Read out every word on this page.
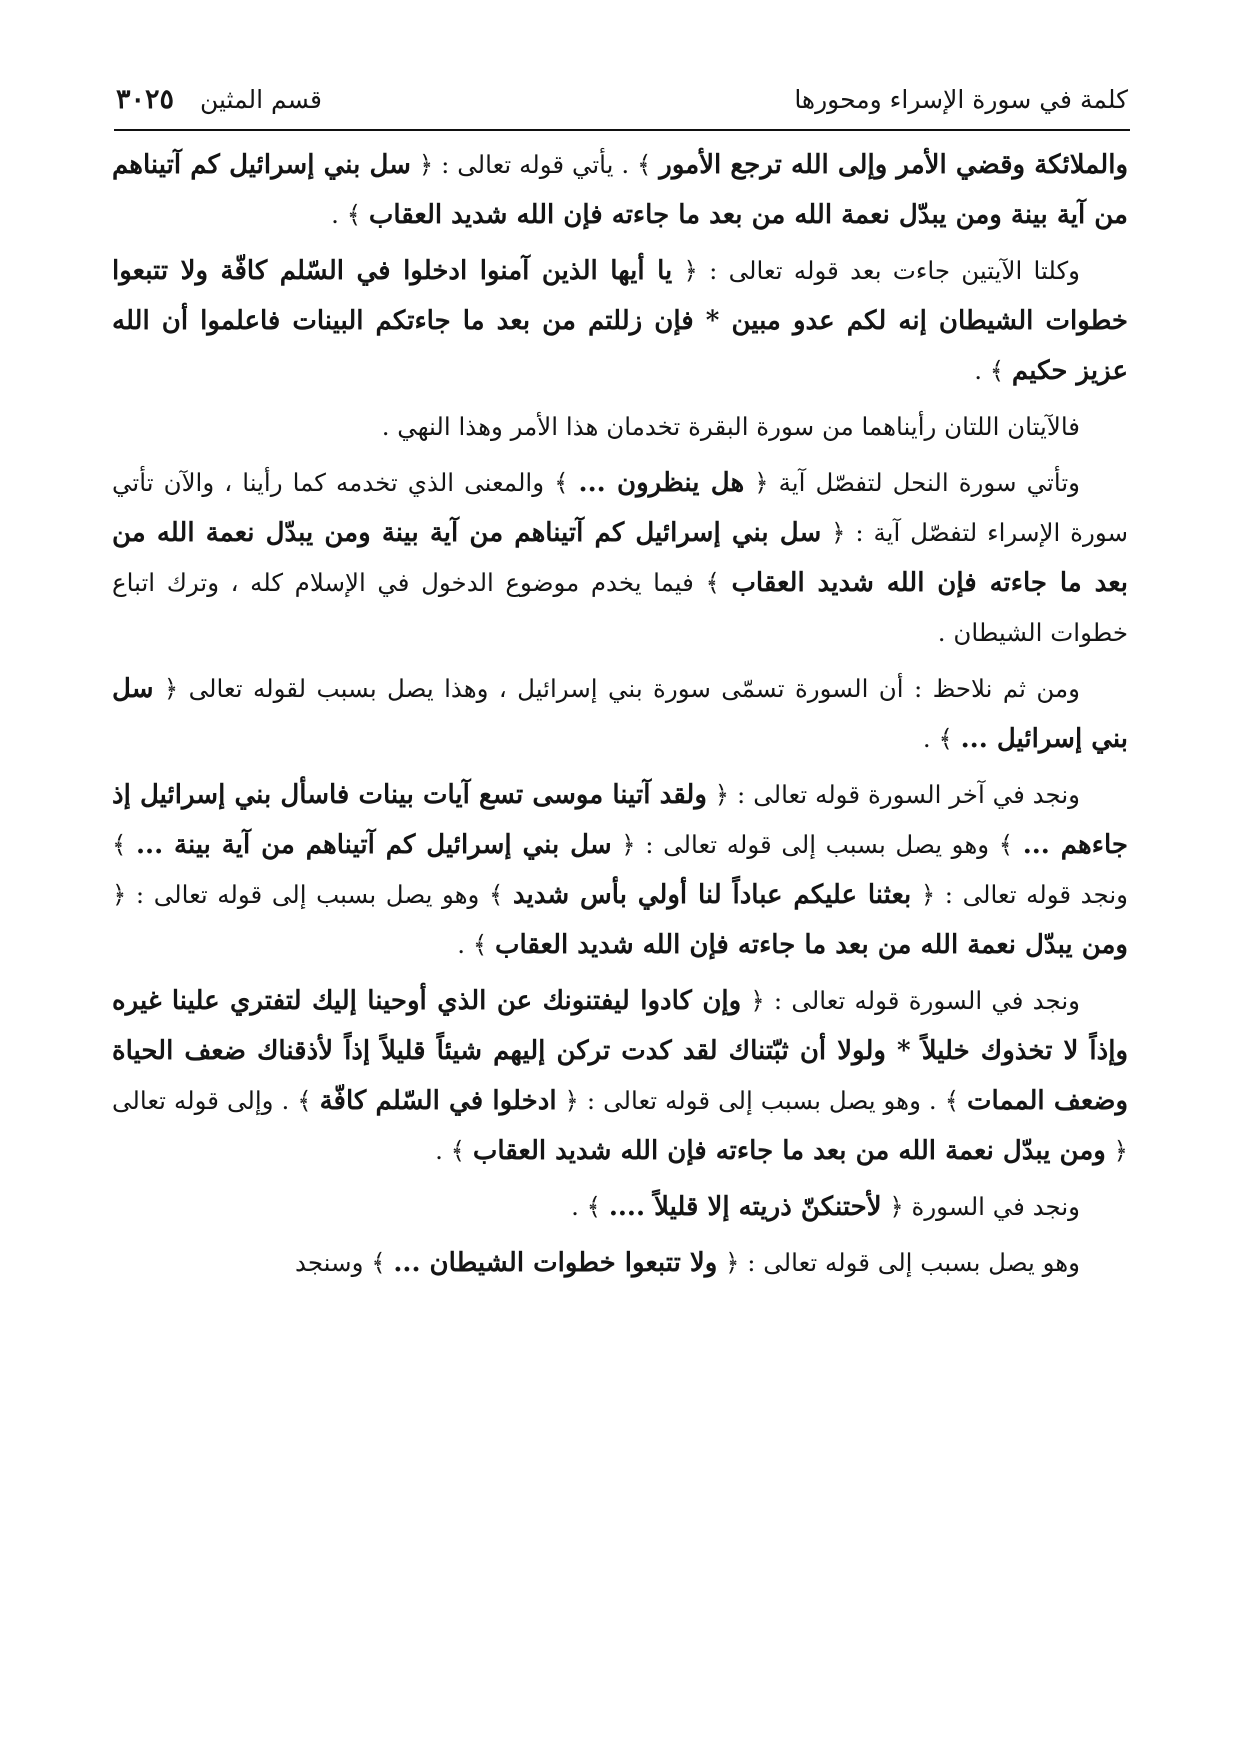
كلمة في سورة الإسراء ومحورها
قسم المثين ٣٠٢٥

والملائكة وقضي الأمر وإلى الله ترجع الأمور ﴾ . يأتي قوله تعالى : ﴿ سل بني إسرائيل كم آتيناهم من آية بينة ومن يبدّل نعمة الله من بعد ما جاءته فإن الله شديد العقاب ﴾ .

وكلتا الآيتين جاءت بعد قوله تعالى : ﴿ يا أيها الذين آمنوا ادخلوا في السّلم كافّة ولا تتبعوا خطوات الشيطان إنه لكم عدو مبين * فإن زللتم من بعد ما جاءتكم البينات فاعلموا أن الله عزيز حكيم ﴾ .

فالآيتان اللتان رأيناهما من سورة البقرة تخدمان هذا الأمر وهذا النهي .

وتأتي سورة النحل لتفصّل آية ﴿ هل ينظرون ... ﴾ والمعنى الذي تخدمه كما رأينا ، والآن تأتي سورة الإسراء لتفصّل آية : ﴿ سل بني إسرائيل كم آتيناهم من آية بينة ومن يبدّل نعمة الله من بعد ما جاءته فإن الله شديد العقاب ﴾ فيما يخدم موضوع الدخول في الإسلام كله ، وترك اتباع خطوات الشيطان .

ومن ثم نلاحظ : أن السورة تسمّى سورة بني إسرائيل ، وهذا يصل بسبب لقوله تعالى ﴿ سل بني إسرائيل ... ﴾ .

ونجد في آخر السورة قوله تعالى : ﴿ ولقد آتينا موسى تسع آيات بينات فاسأل بني إسرائيل إذ جاءهم ... ﴾ وهو يصل بسبب إلى قوله تعالى : ﴿ سل بني إسرائيل كم آتيناهم من آية بينة ... ﴾ ونجد قوله تعالى : ﴿ بعثنا عليكم عباداً لنا أولي بأس شديد ﴾ وهو يصل بسبب إلى قوله تعالى : ﴿ ومن يبدّل نعمة الله من بعد ما جاءته فإن الله شديد العقاب ﴾ .

ونجد في السورة قوله تعالى : ﴿ وإن كادوا ليفتنونك عن الذي أوحينا إليك لتفتري علينا غيره وإذاً لا تخذوك خليلاً * ولولا أن ثبّتناك لقد كدت تركن إليهم شيئاً قليلاً إذاً لأذقناك ضعف الحياة وضعف الممات ﴾ . وهو يصل بسبب إلى قوله تعالى : ﴿ ادخلوا في السّلم كافّة ﴾ . وإلى قوله تعالى ﴿ ومن يبدّل نعمة الله من بعد ما جاءته فإن الله شديد العقاب ﴾ .

ونجد في السورة ﴿ لأحتنكنّ ذريته إلا قليلاً .... ﴾ .

وهو يصل بسبب إلى قوله تعالى : ﴿ ولا تتبعوا خطوات الشيطان ... ﴾ وسنجد
